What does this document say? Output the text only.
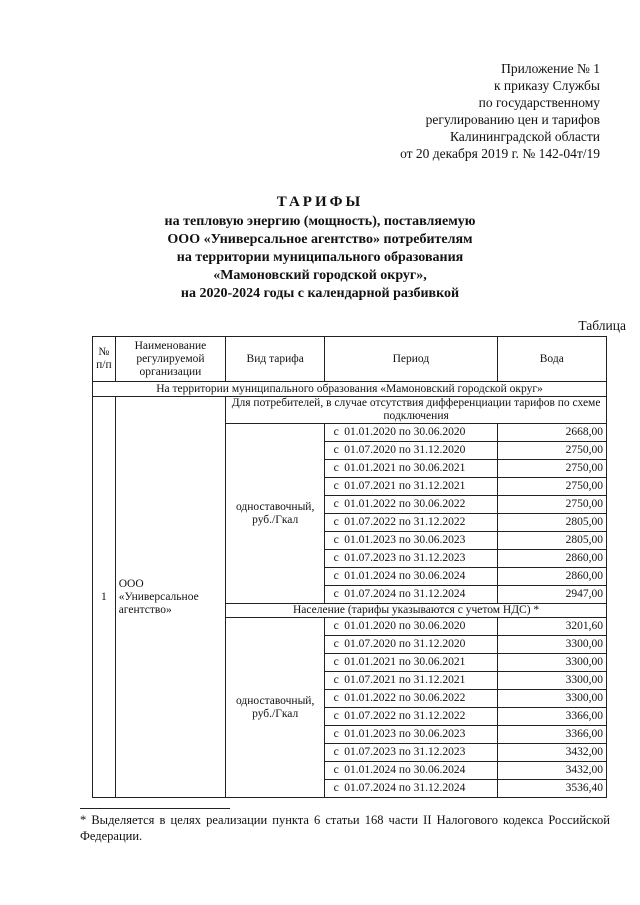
Приложение № 1
к приказу Службы
по государственному
регулированию цен и тарифов
Калининградской области
от 20 декабря 2019 г. № 142-04т/19
ТАРИФЫ
на тепловую энергию (мощность), поставляемую
ООО «Универсальное агентство» потребителям
на территории муниципального образования
«Мамоновский городской округ»,
на 2020-2024 годы с календарной разбивкой
Таблица
№ п/п	Наименование регулируемой организации	Вид тарифа	Период	Вода
На территории муниципального образования «Мамоновский городской округ»				
1	ООО «Универсальное агентство»	Для потребителей, в случае отсутствия дифференциации тарифов по схеме подключения		
		одноставочный, руб./Гкал	с 01.01.2020 по 30.06.2020	2668,00
			с 01.07.2020 по 31.12.2020	2750,00
			с 01.01.2021 по 30.06.2021	2750,00
			с 01.07.2021 по 31.12.2021	2750,00
			с 01.01.2022 по 30.06.2022	2750,00
			с 01.07.2022 по 31.12.2022	2805,00
			с 01.01.2023 по 30.06.2023	2805,00
			с 01.07.2023 по 31.12.2023	2860,00
			с 01.01.2024 по 30.06.2024	2860,00
			с 01.07.2024 по 31.12.2024	2947,00
		Население (тарифы указываются с учетом НДС) *		
		одноставочный, руб./Гкал	с 01.01.2020 по 30.06.2020	3201,60
			с 01.07.2020 по 31.12.2020	3300,00
			с 01.01.2021 по 30.06.2021	3300,00
			с 01.07.2021 по 31.12.2021	3300,00
			с 01.01.2022 по 30.06.2022	3300,00
			с 01.07.2022 по 31.12.2022	3366,00
			с 01.01.2023 по 30.06.2023	3366,00
			с 01.07.2023 по 31.12.2023	3432,00
			с 01.01.2024 по 30.06.2024	3432,00
			с 01.07.2024 по 31.12.2024	3536,40
* Выделяется в целях реализации пункта 6 статьи 168 части II Налогового кодекса Российской Федерации.
